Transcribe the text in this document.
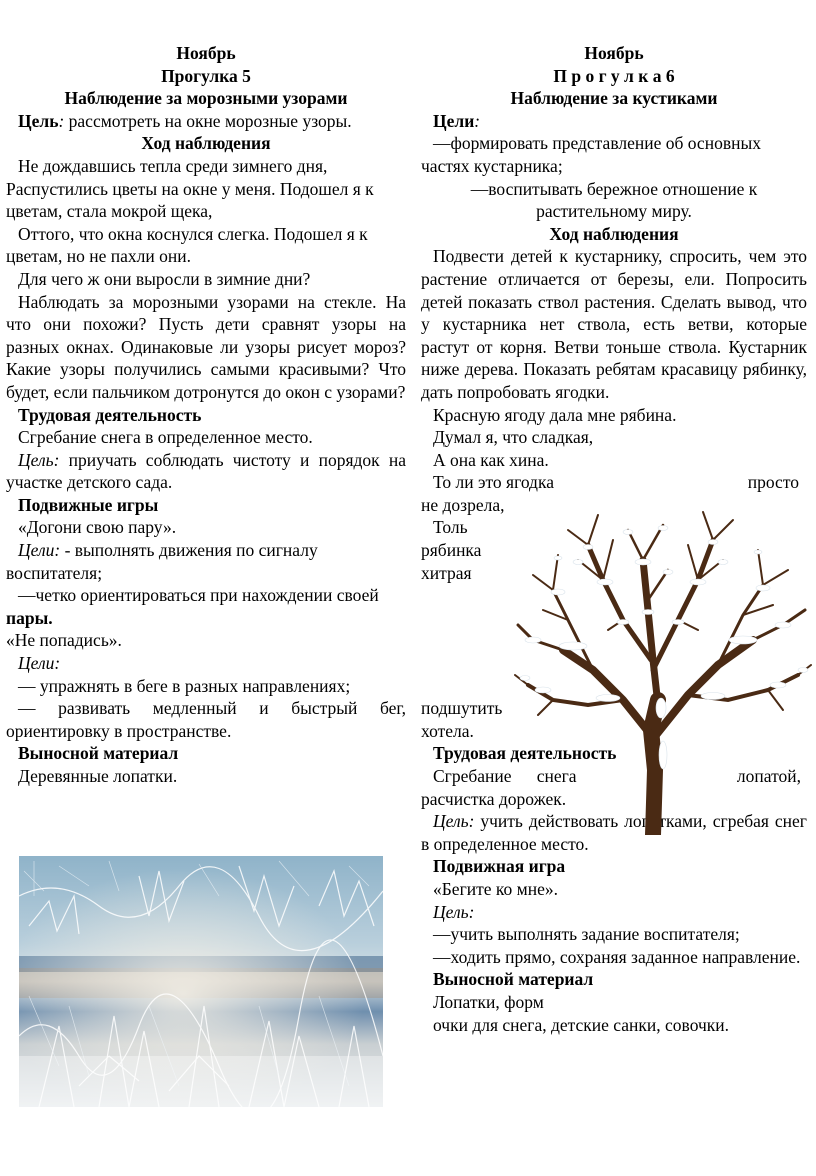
Ноябрь

Прогулка 5

Наблюдение за морозными узорами

Цель: рассмотреть на окне морозные узоры.

Ход наблюдения

Не дождавшись тепла среди зимнего дня,

Распустились цветы на окне у меня. Подошел я к цветам, стала мокрой щека,

Оттого, что окна коснулся слегка. Подошел я к цветам, но не пахли они.

Для чего ж они выросли в зимние дни?

Наблюдать за морозными узорами на стекле. На что они похожи? Пусть дети сравнят узоры на разных окнах. Одинаковые ли узоры рисует мороз? Какие узоры получились самыми красивыми? Что будет, если пальчиком дотронутся до окон с узорами?

Трудовая деятельность

Сгребание снега в определенное место.

Цель: приучать соблюдать чистоту и порядок на участке детского сада.

Подвижные игры

«Догони свою пару».

Цели: - выполнять движения по сигналу воспитателя;

—четко ориентироваться при нахождении своей пары.

«Не попадись».

Цели:

— упражнять в беге в разных направлениях;

— развивать медленный и быстрый бег, ориентировку в пространстве.

Выносной материал

Деревянные лопатки.

Ноябрь

П р о г у л к а 6

Наблюдение за кустиками

Цели:

—формировать представление об основных частях кустарника;

—воспитывать бережное отношение к растительному миру.

Ход наблюдения

Подвести детей к кустарнику, спросить, чем это растение отличается от березы, ели. Попросить детей показать ствол растения. Сделать вывод, что у кустарника нет ствола, есть ветви, которые растут от корня. Ветви тоньше ствола. Кустарник ниже дерева. Показать ребятам красавицу рябинку, дать попробовать ягодки.

Красную ягоду дала мне рябина.

Думал я, что сладкая,

А она как хина.

То ли это ягодка	просто

не дозрела,

Толь

рябинка

хитрая

подшутить

хотела.

Трудовая деятельность

Сгребание снега	лопатой,

расчистка дорожек.

Цель: учить действовать лопатками, сгребая снег в определенное место.

Подвижная игра

«Бегите ко мне».

Цель:

—учить выполнять задание воспитателя;

—ходить прямо, сохраняя заданное направление.

Выносной материал

Лопатки, форм

очки для снега, детские санки, совочки.
